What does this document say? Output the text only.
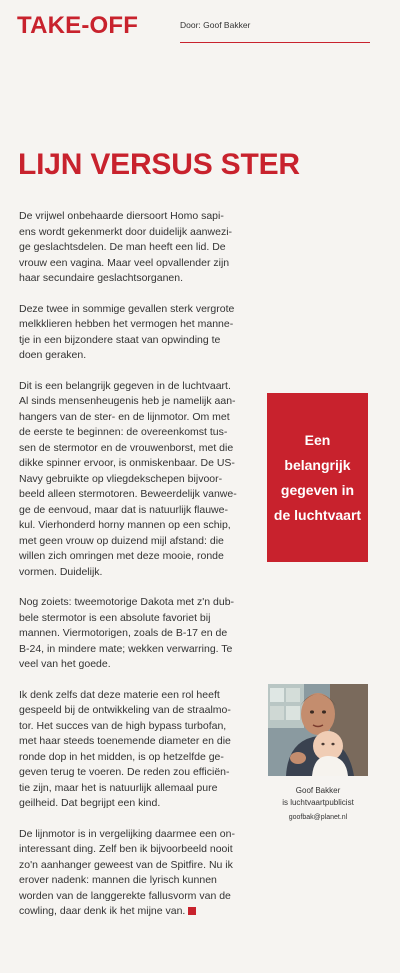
TAKE-OFF	Door: Goof Bakker
LIJN VERSUS STER

De vrijwel onbehaarde diersoort Homo sapi-
ens wordt gekenmerkt door duidelijk aanwezi-
ge geslachtsdelen. De man heeft een lid. De
vrouw een vagina. Maar veel opvallender zijn
haar secundaire geslachtsorganen.

Deze twee in sommige gevallen sterk vergrote
melkklieren hebben het vermogen het manne-
tje in een bijzondere staat van opwinding te
doen geraken.

Dit is een belangrijk gegeven in de luchtvaart.
Al sinds mensenheugenis heb je namelijk aan-
hangers van de ster- en de lijnmotor. Om met
de eerste te beginnen: de overeenkomst tus-
sen de stermotor en de vrouwenborst, met die
dikke spinner ervoor, is onmiskenbaar. De US-
Navy gebruikte op vliegdekschepen bijvoor-
beeld alleen stermotoren. Beweerdelijk vanwe-
ge de eenvoud, maar dat is natuurlijk flauwe-
kul. Vierhonderd horny mannen op een schip,
met geen vrouw op duizend mijl afstand: die
willen zich omringen met deze mooie, ronde
vormen. Duidelijk.

Nog zoiets: tweemotorige Dakota met z'n dub-
bele stermotor is een absolute favoriet bij
mannen. Viermotorigen, zoals de B-17 en de
B-24, in mindere mate; wekken verwarring. Te
veel van het goede.

Ik denk zelfs dat deze materie een rol heeft
gespeeld bij de ontwikkeling van de straalmo-
tor. Het succes van de high bypass turbofan,
met haar steeds toenemende diameter en die
ronde dop in het midden, is op hetzelfde ge-
geven terug te voeren. De reden zou efficiën-
tie zijn, maar het is natuurlijk allemaal pure
geilheid. Dat begrijpt een kind.

De lijnmotor is in vergelijking daarmee een on-
interessant ding. Zelf ben ik bijvoorbeeld nooit
zo'n aanhanger geweest van de Spitfire. Nu ik
erover nadenk: mannen die lyrisch kunnen
worden van de langgerekte fallusvorm van de
cowling, daar denk ik het mijne van.

Een
belangrijk
gegeven in
de luchtvaart
Goof Bakker
is luchtvaartpublicist
goofbak@planet.nl
